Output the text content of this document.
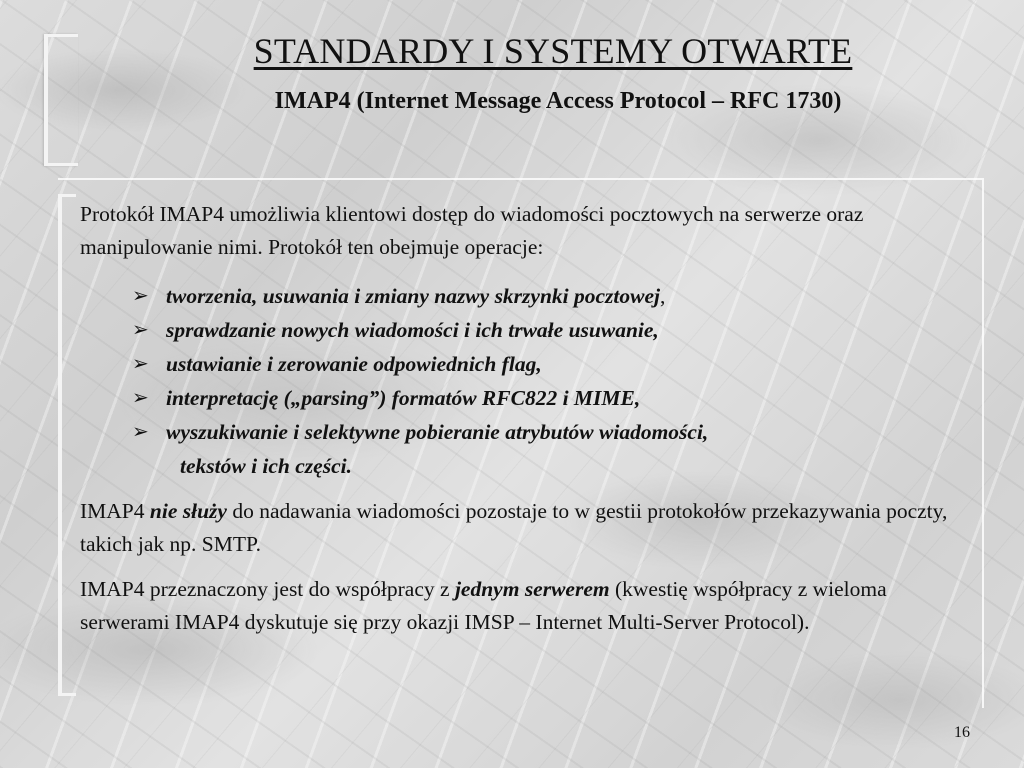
STANDARDY I SYSTEMY OTWARTE
IMAP4 (Internet Message Access Protocol – RFC 1730)

Protokół IMAP4 umożliwia klientowi dostęp do wiadomości pocztowych na serwerze oraz manipulowanie nimi. Protokół ten obejmuje operacje:

➢ tworzenia, usuwania i zmiany nazwy skrzynki pocztowej,
➢ sprawdzanie nowych wiadomości i ich trwałe usuwanie,
➢ ustawianie i zerowanie odpowiednich flag,
➢ interpretację („parsing”) formatów RFC822 i MIME,
➢ wyszukiwanie i selektywne pobieranie atrybutów wiadomości,
tekstów i ich części.

IMAP4 nie służy do nadawania wiadomości pozostaje to w gestii protokołów przekazywania poczty, takich jak np. SMTP.

IMAP4 przeznaczony jest do współpracy z jednym serwerem (kwestię współpracy z wieloma serwerami IMAP4 dyskutuje się przy okazji IMSP – Internet Multi-Server Protocol).

16
